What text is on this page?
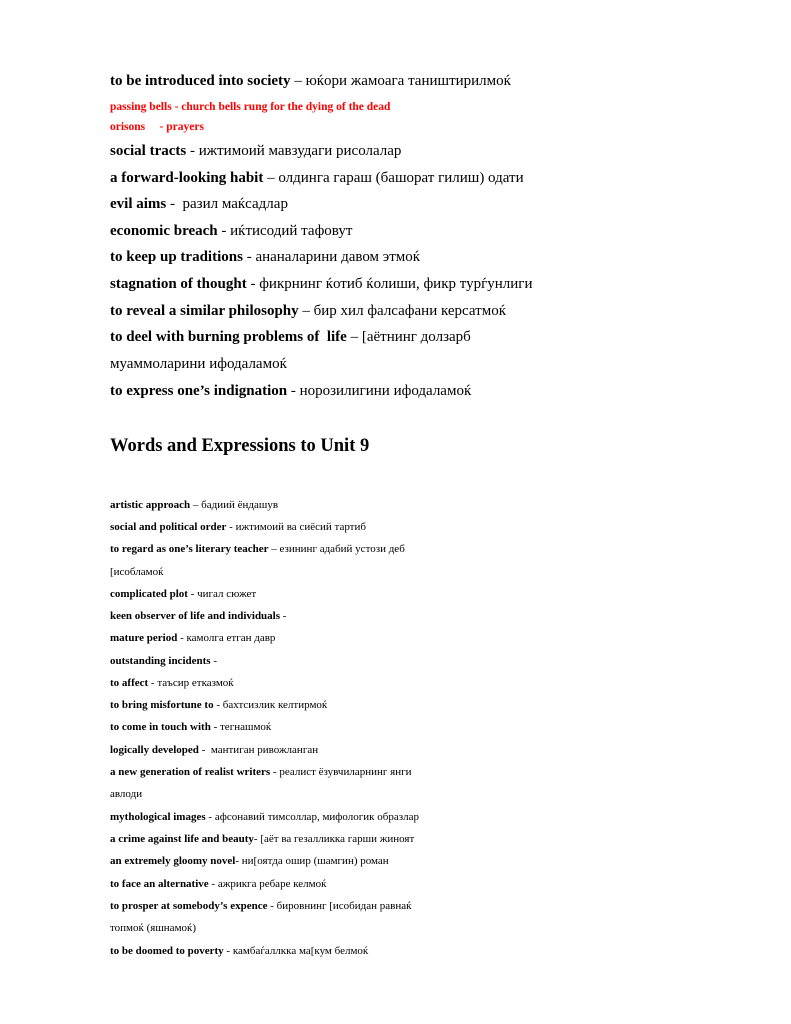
to be introduced into society – юќори жамоага таништирилмоќ
passing bells - church bells rung for the dying of the dead
orisons     - prayers
social tracts - ижтимоий мавзудаги рисолалар
a forward-looking habit – олдинга гараш (башорат гилиш) одати
evil aims -  разил маќсадлар
economic breach - иќтисодий тафовут
to keep up traditions - ананаларини давом этмоќ
stagnation of thought - фикрнинг ќотиб ќолиши, фикр турѓунлиги
to reveal a similar philosophy – бир хил фалсафани керсатмоќ
to deel with burning problems of  life – [аётнинг долзарб
муаммоларини ифодаламоќ
to express one’s indignation - норозилигини ифодаламоќ
Words and Expressions to Unit 9
artistic approach – бадиий ёндашув
social and political order - ижтимоий ва сиёсий тартиб
to regard as one’s literary teacher – езининг адабий устози деб
[исобламоќ
complicated plot - чигал сюжет
keen observer of life and individuals -
mature period - камолга етган давр
outstanding incidents -
to affect - таъсир етказмоќ
to bring misfortune to - бахтсизлик келтирмоќ
to come in touch with - тегнашмоќ
logically developed -  мантиган ривожланган
a new generation of realist writers - реалист ёзувчиларнинг янги
авлоди
mythological images - афсонавий тимсоллар, мифологик образлар
a crime against life and beauty- [аёт ва гезалликка гарши жиноят
an extremely gloomy novel- ни[оятда ошир (шамгин) роман
to face an alternative - ажрикга ребаре келмоќ
to prosper at somebody’s expence - бировнинг [исобидан равнаќ
топмоќ (яшнамоќ)
to be doomed to poverty - камбаѓаллкка ма[кум белмоќ
